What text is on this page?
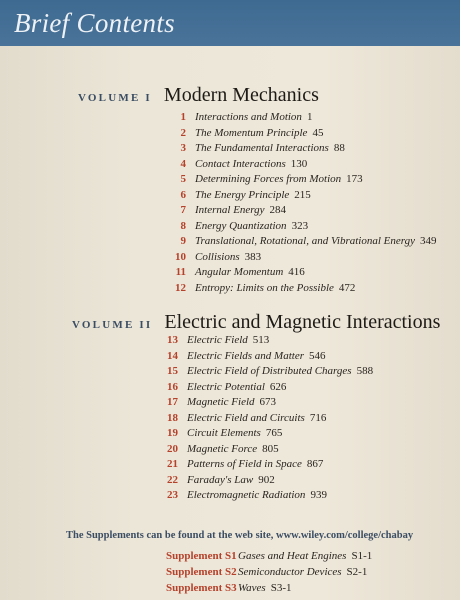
Brief Contents
VOLUME I Modern Mechanics
1 Interactions and Motion 1
2 The Momentum Principle 45
3 The Fundamental Interactions 88
4 Contact Interactions 130
5 Determining Forces from Motion 173
6 The Energy Principle 215
7 Internal Energy 284
8 Energy Quantization 323
9 Translational, Rotational, and Vibrational Energy 349
10 Collisions 383
11 Angular Momentum 416
12 Entropy: Limits on the Possible 472
VOLUME II Electric and Magnetic Interactions
13 Electric Field 513
14 Electric Fields and Matter 546
15 Electric Field of Distributed Charges 588
16 Electric Potential 626
17 Magnetic Field 673
18 Electric Field and Circuits 716
19 Circuit Elements 765
20 Magnetic Force 805
21 Patterns of Field in Space 867
22 Faraday's Law 902
23 Electromagnetic Radiation 939
The Supplements can be found at the web site, www.wiley.com/college/chabay
Supplement S1Gases and Heat Engines S1-1
Supplement S2Semiconductor Devices S2-1
Supplement S3Waves S3-1
